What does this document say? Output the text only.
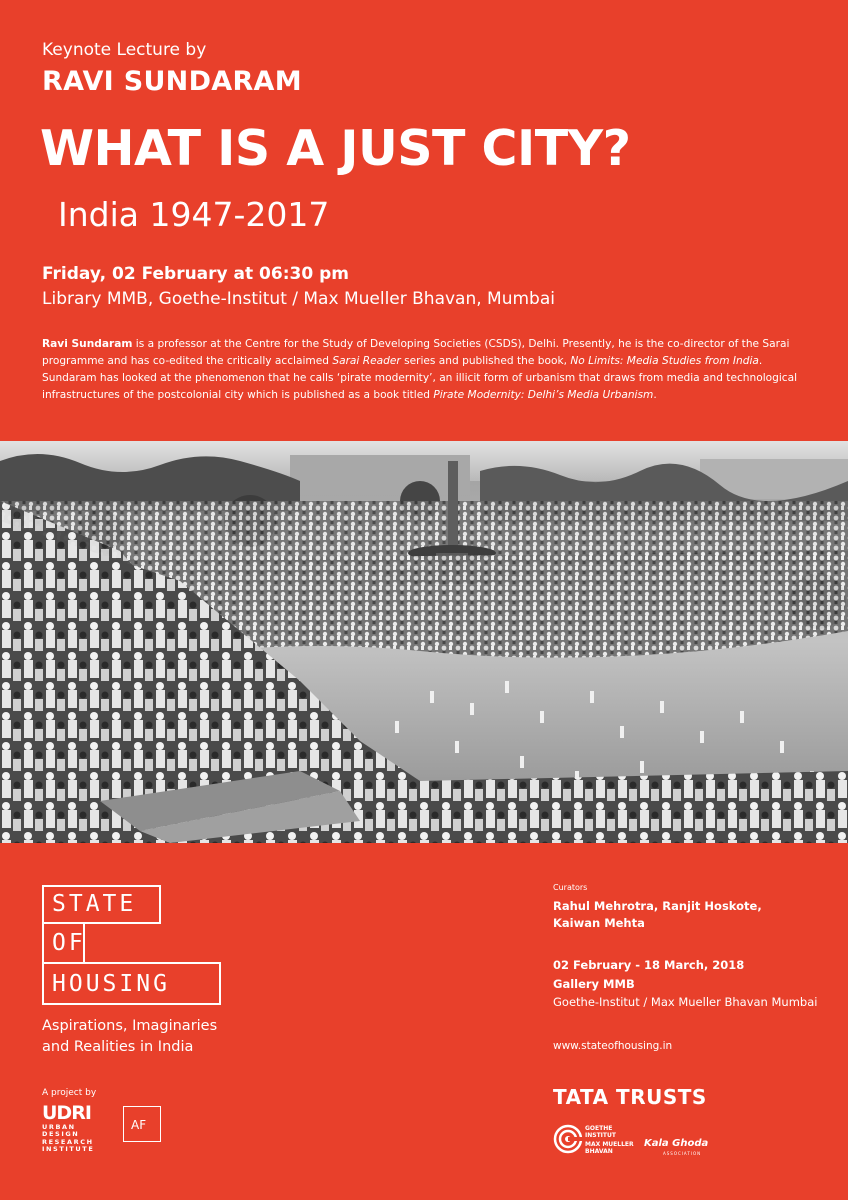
Keynote Lecture by
RAVI SUNDARAM
WHAT IS A JUST CITY?
India 1947-2017
Friday, 02 February at 06:30 pm
Library MMB, Goethe-Institut / Max Mueller Bhavan, Mumbai
Ravi Sundaram is a professor at the Centre for the Study of Developing Societies (CSDS), Delhi. Presently, he is the co-director of the Sarai programme and has co-edited the critically acclaimed Sarai Reader series and published the book, No Limits: Media Studies from India. Sundaram has looked at the phenomenon that he calls ‘pirate modernity’, an illicit form of urbanism that draws from media and technological infrastructures of the postcolonial city which is published as a book titled Pirate Modernity: Delhi’s Media Urbanism.
STATE
OF
HOUSING
Aspirations, Imaginaries
and Realities in India
A project by
UDRI
URBAN
DESIGN
RESEARCH
INSTITUTE
AF
Curators
Rahul Mehrotra, Ranjit Hoskote, Kaiwan Mehta
02 February - 18 March, 2018
Gallery MMB
Goethe-Institut / Max Mueller Bhavan Mumbai
www.stateofhousing.in
TATA TRUSTS
GOETHE
INSTITUT
MAX MUELLER
BHAVAN
Kala Ghoda
ASSOCIATION
